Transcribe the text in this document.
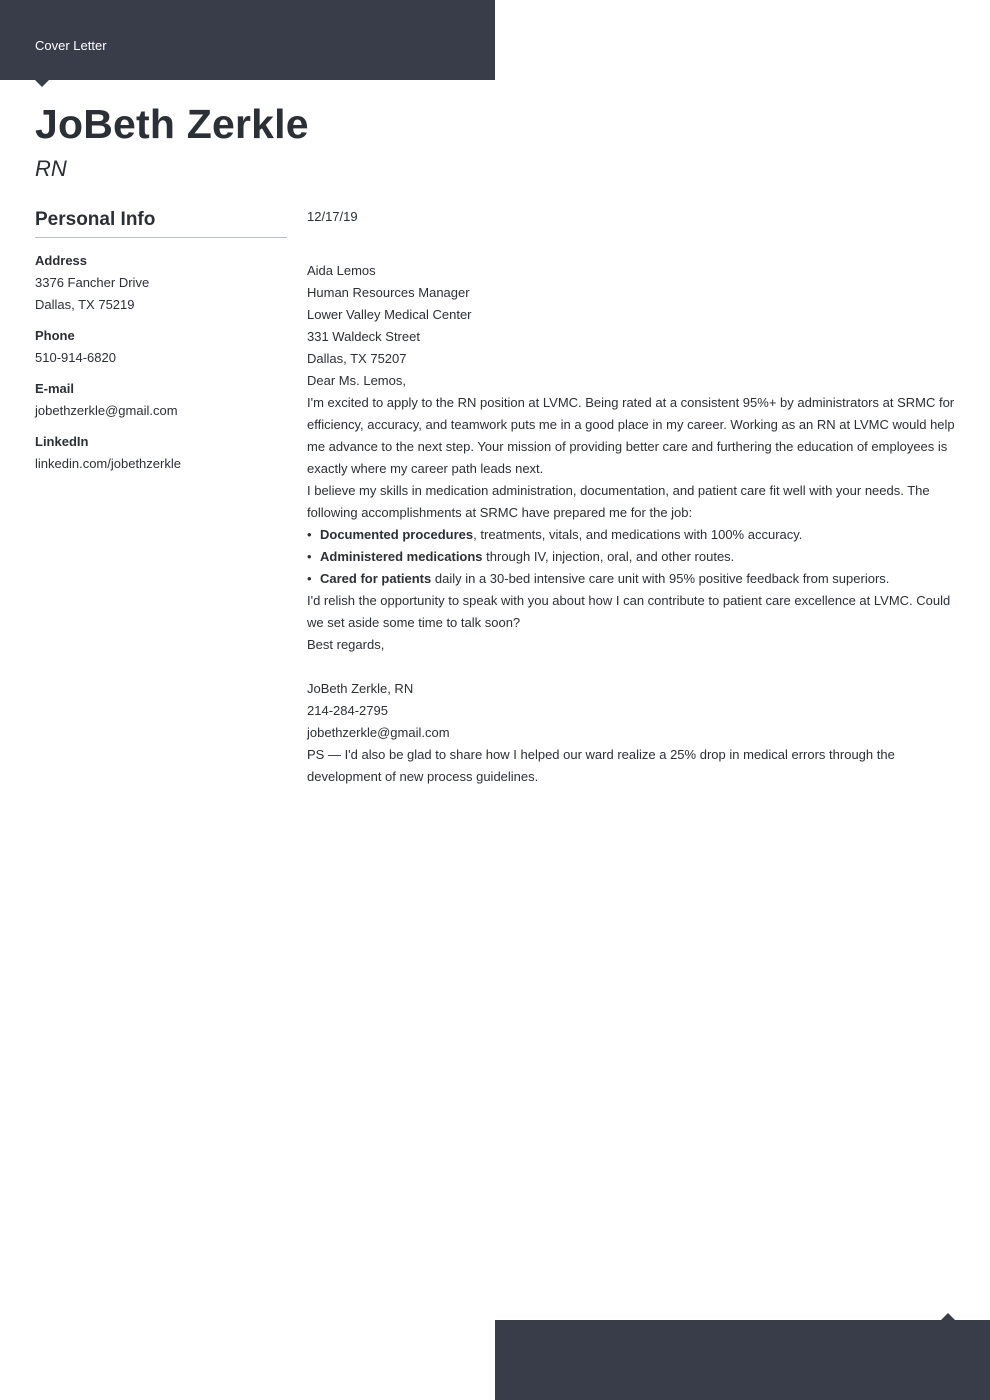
Cover Letter
JoBeth Zerkle
RN
Personal Info
Address
3376 Fancher Drive
Dallas, TX 75219
Phone
510-914-6820
E-mail
jobethzerkle@gmail.com
LinkedIn
linkedin.com/jobethzerkle

12/17/19

Aida Lemos

Human Resources Manager

Lower Valley Medical Center

331 Waldeck Street

Dallas, TX 75207

Dear Ms. Lemos,

I'm excited to apply to the RN position at LVMC. Being rated at a consistent 95%+ by administrators at SRMC for efficiency, accuracy, and teamwork puts me in a good place in my career. Working as an RN at LVMC would help me advance to the next step. Your mission of providing better care and furthering the education of employees is exactly where my career path leads next.

I believe my skills in medication administration, documentation, and patient care fit well with your needs. The following accomplishments at SRMC have prepared me for the job:

• Documented procedures, treatments, vitals, and medications with 100% accuracy.
• Administered medications through IV, injection, oral, and other routes.
• Cared for patients daily in a 30-bed intensive care unit with 95% positive feedback from superiors.

I'd relish the opportunity to speak with you about how I can contribute to patient care excellence at LVMC. Could we set aside some time to talk soon?

Best regards,

JoBeth Zerkle, RN

214-284-2795

jobethzerkle@gmail.com

PS — I'd also be glad to share how I helped our ward realize a 25% drop in medical errors through the development of new process guidelines.
